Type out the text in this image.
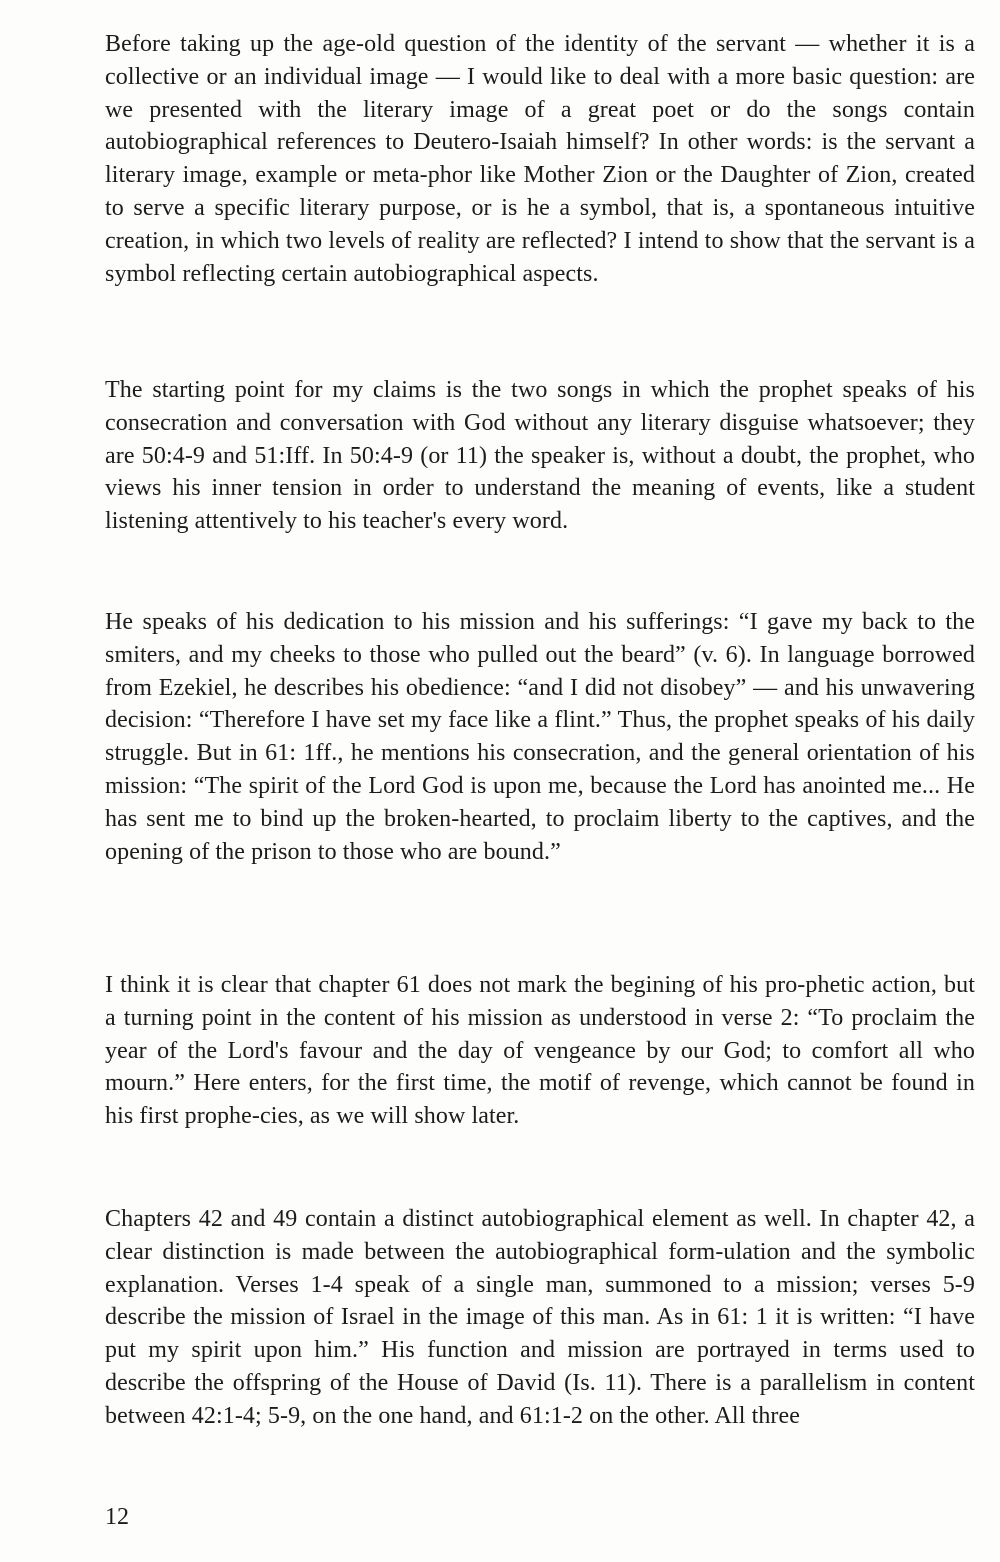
Before taking up the age-old question of the identity of the servant — whether it is a collective or an individual image — I would like to deal with a more basic question: are we presented with the literary image of a great poet or do the songs contain autobiographical references to Deutero-Isaiah himself? In other words: is the servant a literary image, example or meta-phor like Mother Zion or the Daughter of Zion, created to serve a specific literary purpose, or is he a symbol, that is, a spontaneous intuitive creation, in which two levels of reality are reflected? I intend to show that the servant is a symbol reflecting certain autobiographical aspects.
The starting point for my claims is the two songs in which the prophet speaks of his consecration and conversation with God without any literary disguise whatsoever; they are 50:4-9 and 51:Iff. In 50:4-9 (or 11) the speaker is, without a doubt, the prophet, who views his inner tension in order to understand the meaning of events, like a student listening attentively to his teacher's every word.
He speaks of his dedication to his mission and his sufferings: “I gave my back to the smiters, and my cheeks to those who pulled out the beard” (v. 6). In language borrowed from Ezekiel, he describes his obedience: “and I did not disobey” — and his unwavering decision: “Therefore I have set my face like a flint.” Thus, the prophet speaks of his daily struggle. But in 61: 1ff., he mentions his consecration, and the general orientation of his mission: “The spirit of the Lord God is upon me, because the Lord has anointed me... He has sent me to bind up the broken-hearted, to proclaim liberty to the captives, and the opening of the prison to those who are bound.”
I think it is clear that chapter 61 does not mark the begining of his pro-phetic action, but a turning point in the content of his mission as understood in verse 2: “To proclaim the year of the Lord's favour and the day of vengeance by our God; to comfort all who mourn.” Here enters, for the first time, the motif of revenge, which cannot be found in his first prophe-cies, as we will show later.
Chapters 42 and 49 contain a distinct autobiographical element as well. In chapter 42, a clear distinction is made between the autobiographical form-ulation and the symbolic explanation. Verses 1-4 speak of a single man, summoned to a mission; verses 5-9 describe the mission of Israel in the image of this man. As in 61: 1 it is written: “I have put my spirit upon him.” His function and mission are portrayed in terms used to describe the offspring of the House of David (Is. 11). There is a parallelism in content between 42:1-4; 5-9, on the one hand, and 61:1-2 on the other. All three
12
